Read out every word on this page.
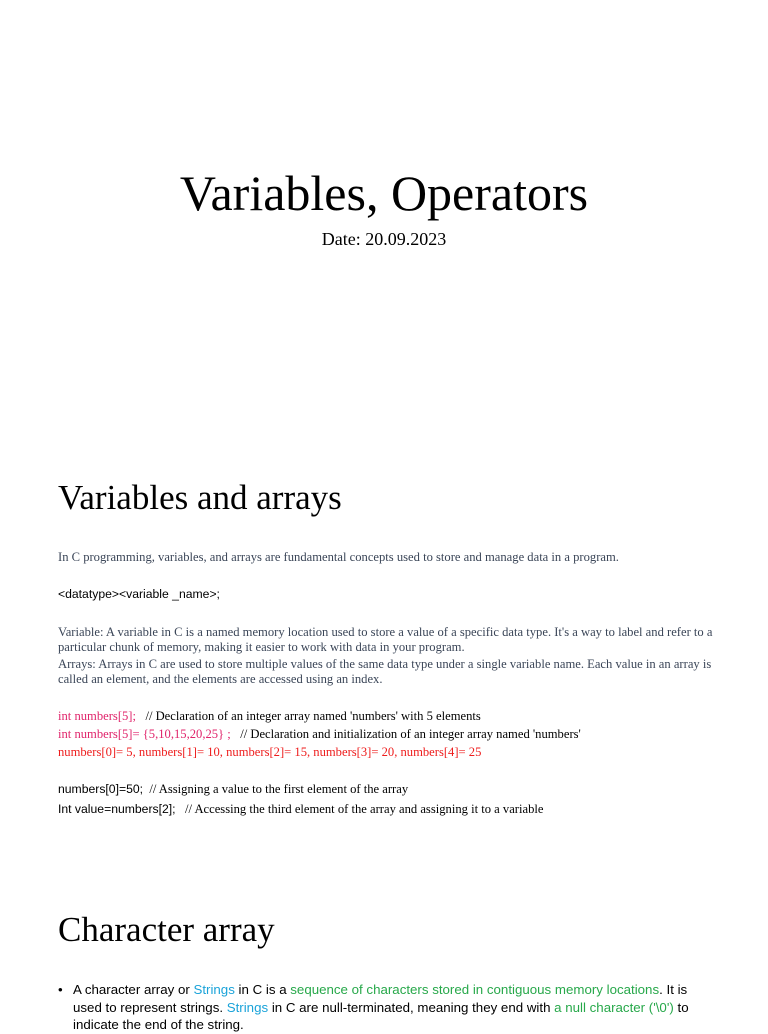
Variables, Operators
Date: 20.09.2023
Variables and arrays
In C programming, variables, and arrays are fundamental concepts used to store and manage data in a program.
<datatype><variable _name>;
Variable: A variable in C is a named memory location used to store a value of a specific data type. It's a way to label and refer to a particular chunk of memory, making it easier to work with data in your program.
Arrays: Arrays in C are used to store multiple values of the same data type under a single variable name. Each value in an array is called an element, and the elements are accessed using an index.
int numbers[5];   // Declaration of an integer array named 'numbers' with 5 elements
int numbers[5]= {5,10,15,20,25} ;   // Declaration and initialization of an integer array named 'numbers'
numbers[0]= 5, numbers[1]= 10, numbers[2]= 15, numbers[3]= 20, numbers[4]= 25
numbers[0]=50;  // Assigning a value to the first element of the array
Int value=numbers[2];   // Accessing the third element of the array and assigning it to a variable
Character array
• A character array or Strings in C is a sequence of characters stored in contiguous memory locations. It is used to represent strings. Strings in C are null-terminated, meaning they end with a null character ('\0') to indicate the end of the string.
